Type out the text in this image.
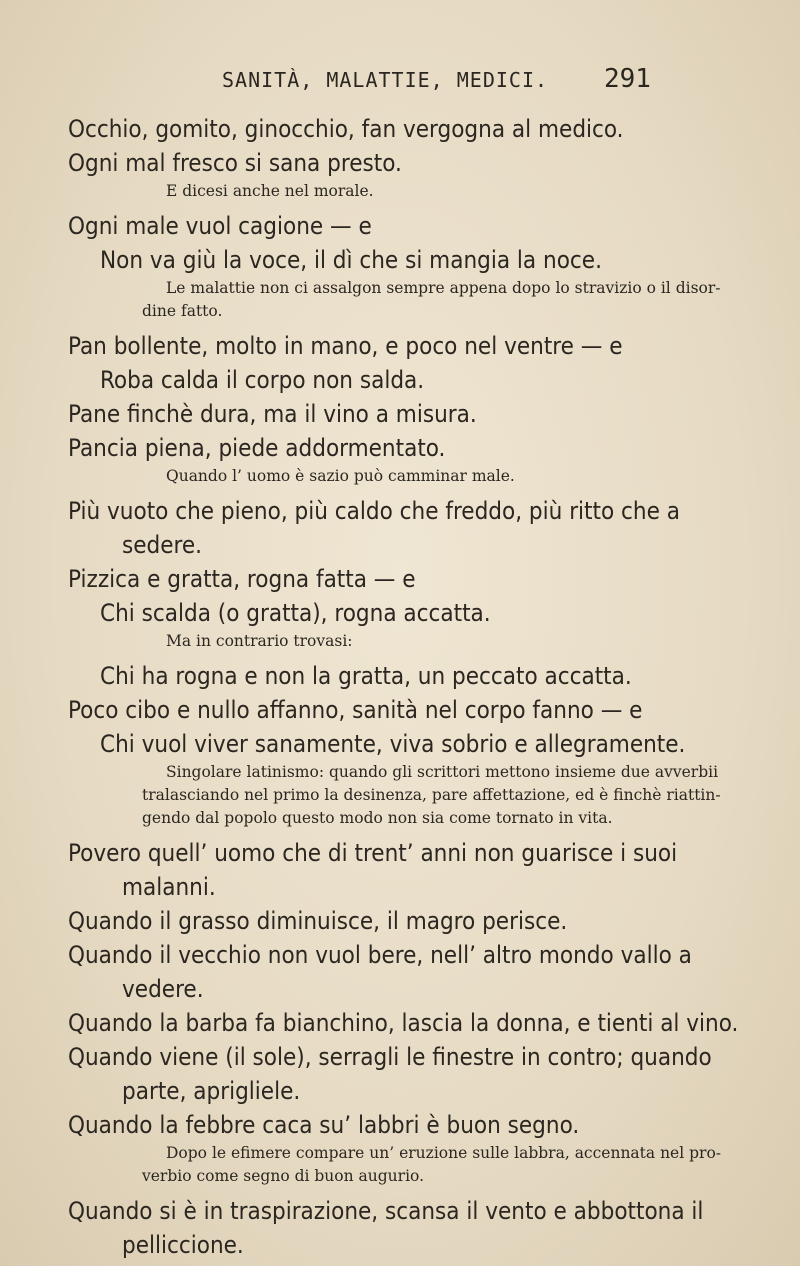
SANITÀ, MALATTIE, MEDICI. 291

Occhio, gomito, ginocchio, fan vergogna al medico.

Ogni mal fresco si sana presto.

E dicesi anche nel morale.

Ogni male vuol cagione — e

Non va giù la voce, il dì che si mangia la noce.

Le malattie non ci assalgon sempre appena dopo lo stravizio o il disor-
dine fatto.

Pan bollente, molto in mano, e poco nel ventre — e

Roba calda il corpo non salda.

Pane finchè dura, ma il vino a misura.

Pancia piena, piede addormentato.

Quando l’ uomo è sazio può camminar male.

Più vuoto che pieno, più caldo che freddo, più ritto che a
sedere.

Pizzica e gratta, rogna fatta — e

Chi scalda (o gratta), rogna accatta.

Ma in contrario trovasi:

Chi ha rogna e non la gratta, un peccato accatta.

Poco cibo e nullo affanno, sanità nel corpo fanno — e

Chi vuol viver sanamente, viva sobrio e allegramente.

Singolare latinismo: quando gli scrittori mettono insieme due avverbii
tralasciando nel primo la desinenza, pare affettazione, ed è finchè riattin-
gendo dal popolo questo modo non sia come tornato in vita.

Povero quell’ uomo che di trent’ anni non guarisce i suoi
malanni.

Quando il grasso diminuisce, il magro perisce.

Quando il vecchio non vuol bere, nell’ altro mondo vallo a
vedere.

Quando la barba fa bianchino, lascia la donna, e tienti al vino.

Quando viene (il sole), serragli le finestre in contro; quando
parte, aprigliele.

Quando la febbre caca su’ labbri è buon segno.

Dopo le efimere compare un’ eruzione sulle labbra, accennata nel pro-
verbio come segno di buon augurio.

Quando si è in traspirazione, scansa il vento e abbottona il
pelliccione.
